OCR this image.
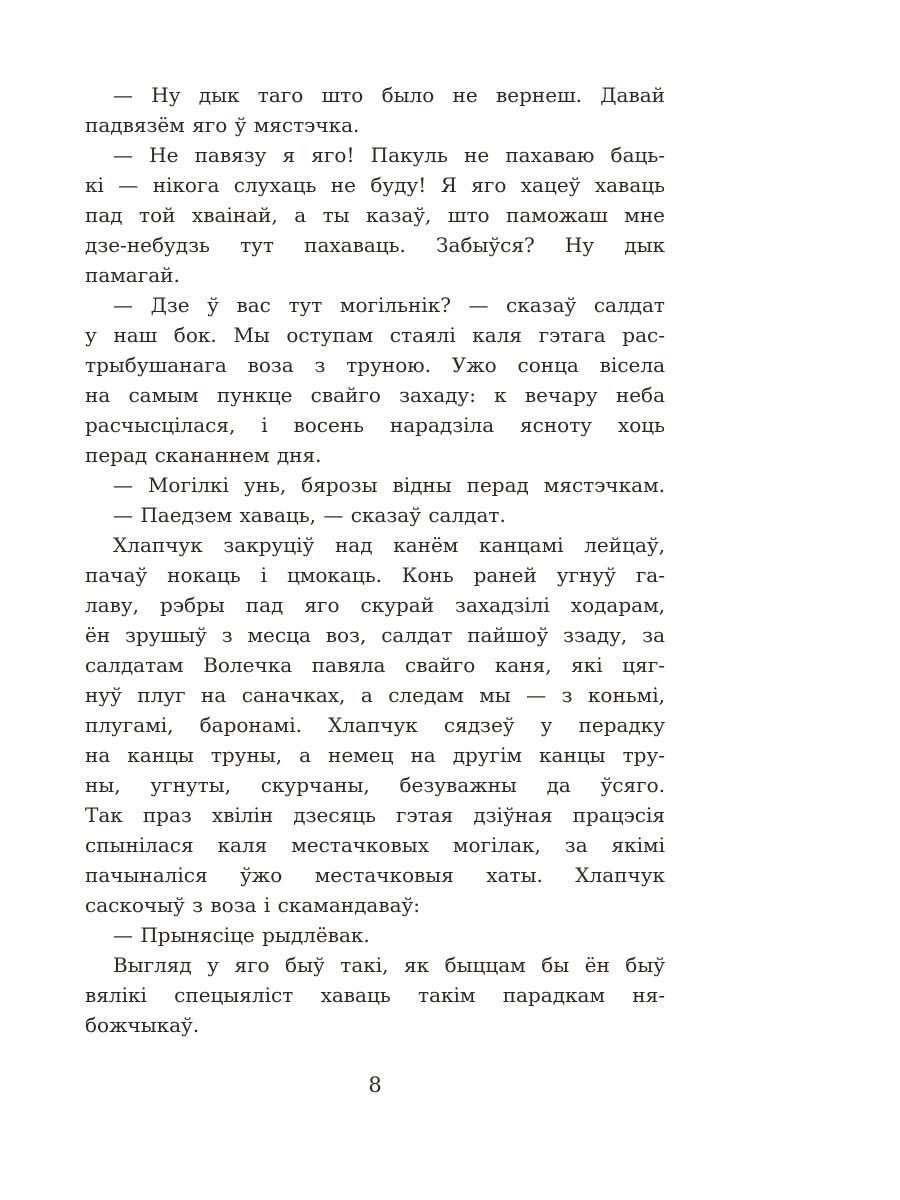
— Ну дык таго што было не вернеш. Давай
падвязём яго ў мястэчка.
— Не павязу я яго! Пакуль не пахаваю баць-
кі — нікога слухаць не буду! Я яго хацеў хаваць
пад той хваінай, а ты казаў, што паможаш мне
дзе-небудзь тут пахаваць. Забыўся? Ну дык
памагай.
— Дзе ў вас тут могільнік? — сказаў салдат
у наш бок. Мы оступам стаялі каля гэтага рас-
трыбушанага воза з труною. Ужо сонца вісела
на самым пункце свайго захаду: к вечару неба
расчысцілася, і восень нарадзіла ясноту хоць
перад скананнем дня.
— Могілкі унь, бярозы відны перад мястэчкам.
— Паедзем хаваць, — сказаў салдат.
Хлапчук закруціў над канём канцамі лейцаў,
пачаў нокаць і цмокаць. Конь раней угнуў га-
лаву, рэбры пад яго скурай захадзілі ходарам,
ён зрушыў з месца воз, салдат пайшоў ззаду, за
салдатам Волечка павяла свайго каня, які цяг-
нуў плуг на саначках, а следам мы — з коньмі,
плугамі, баронамі. Хлапчук сядзеў у перадку
на канцы труны, а немец на другім канцы тру-
ны, угнуты, скурчаны, безуважны да ўсяго.
Так праз хвілін дзесяць гэтая дзіўная працэсія
спынілася каля местачковых могілак, за якімі
пачыналіся ўжо местачковыя хаты. Хлапчук
саскочыў з воза і скамандаваў:
— Прынясіце рыдлёвак.
Выгляд у яго быў такі, як быццам бы ён быў
вялікі спецыяліст хаваць такім парадкам ня-
божчыкаў.
8
